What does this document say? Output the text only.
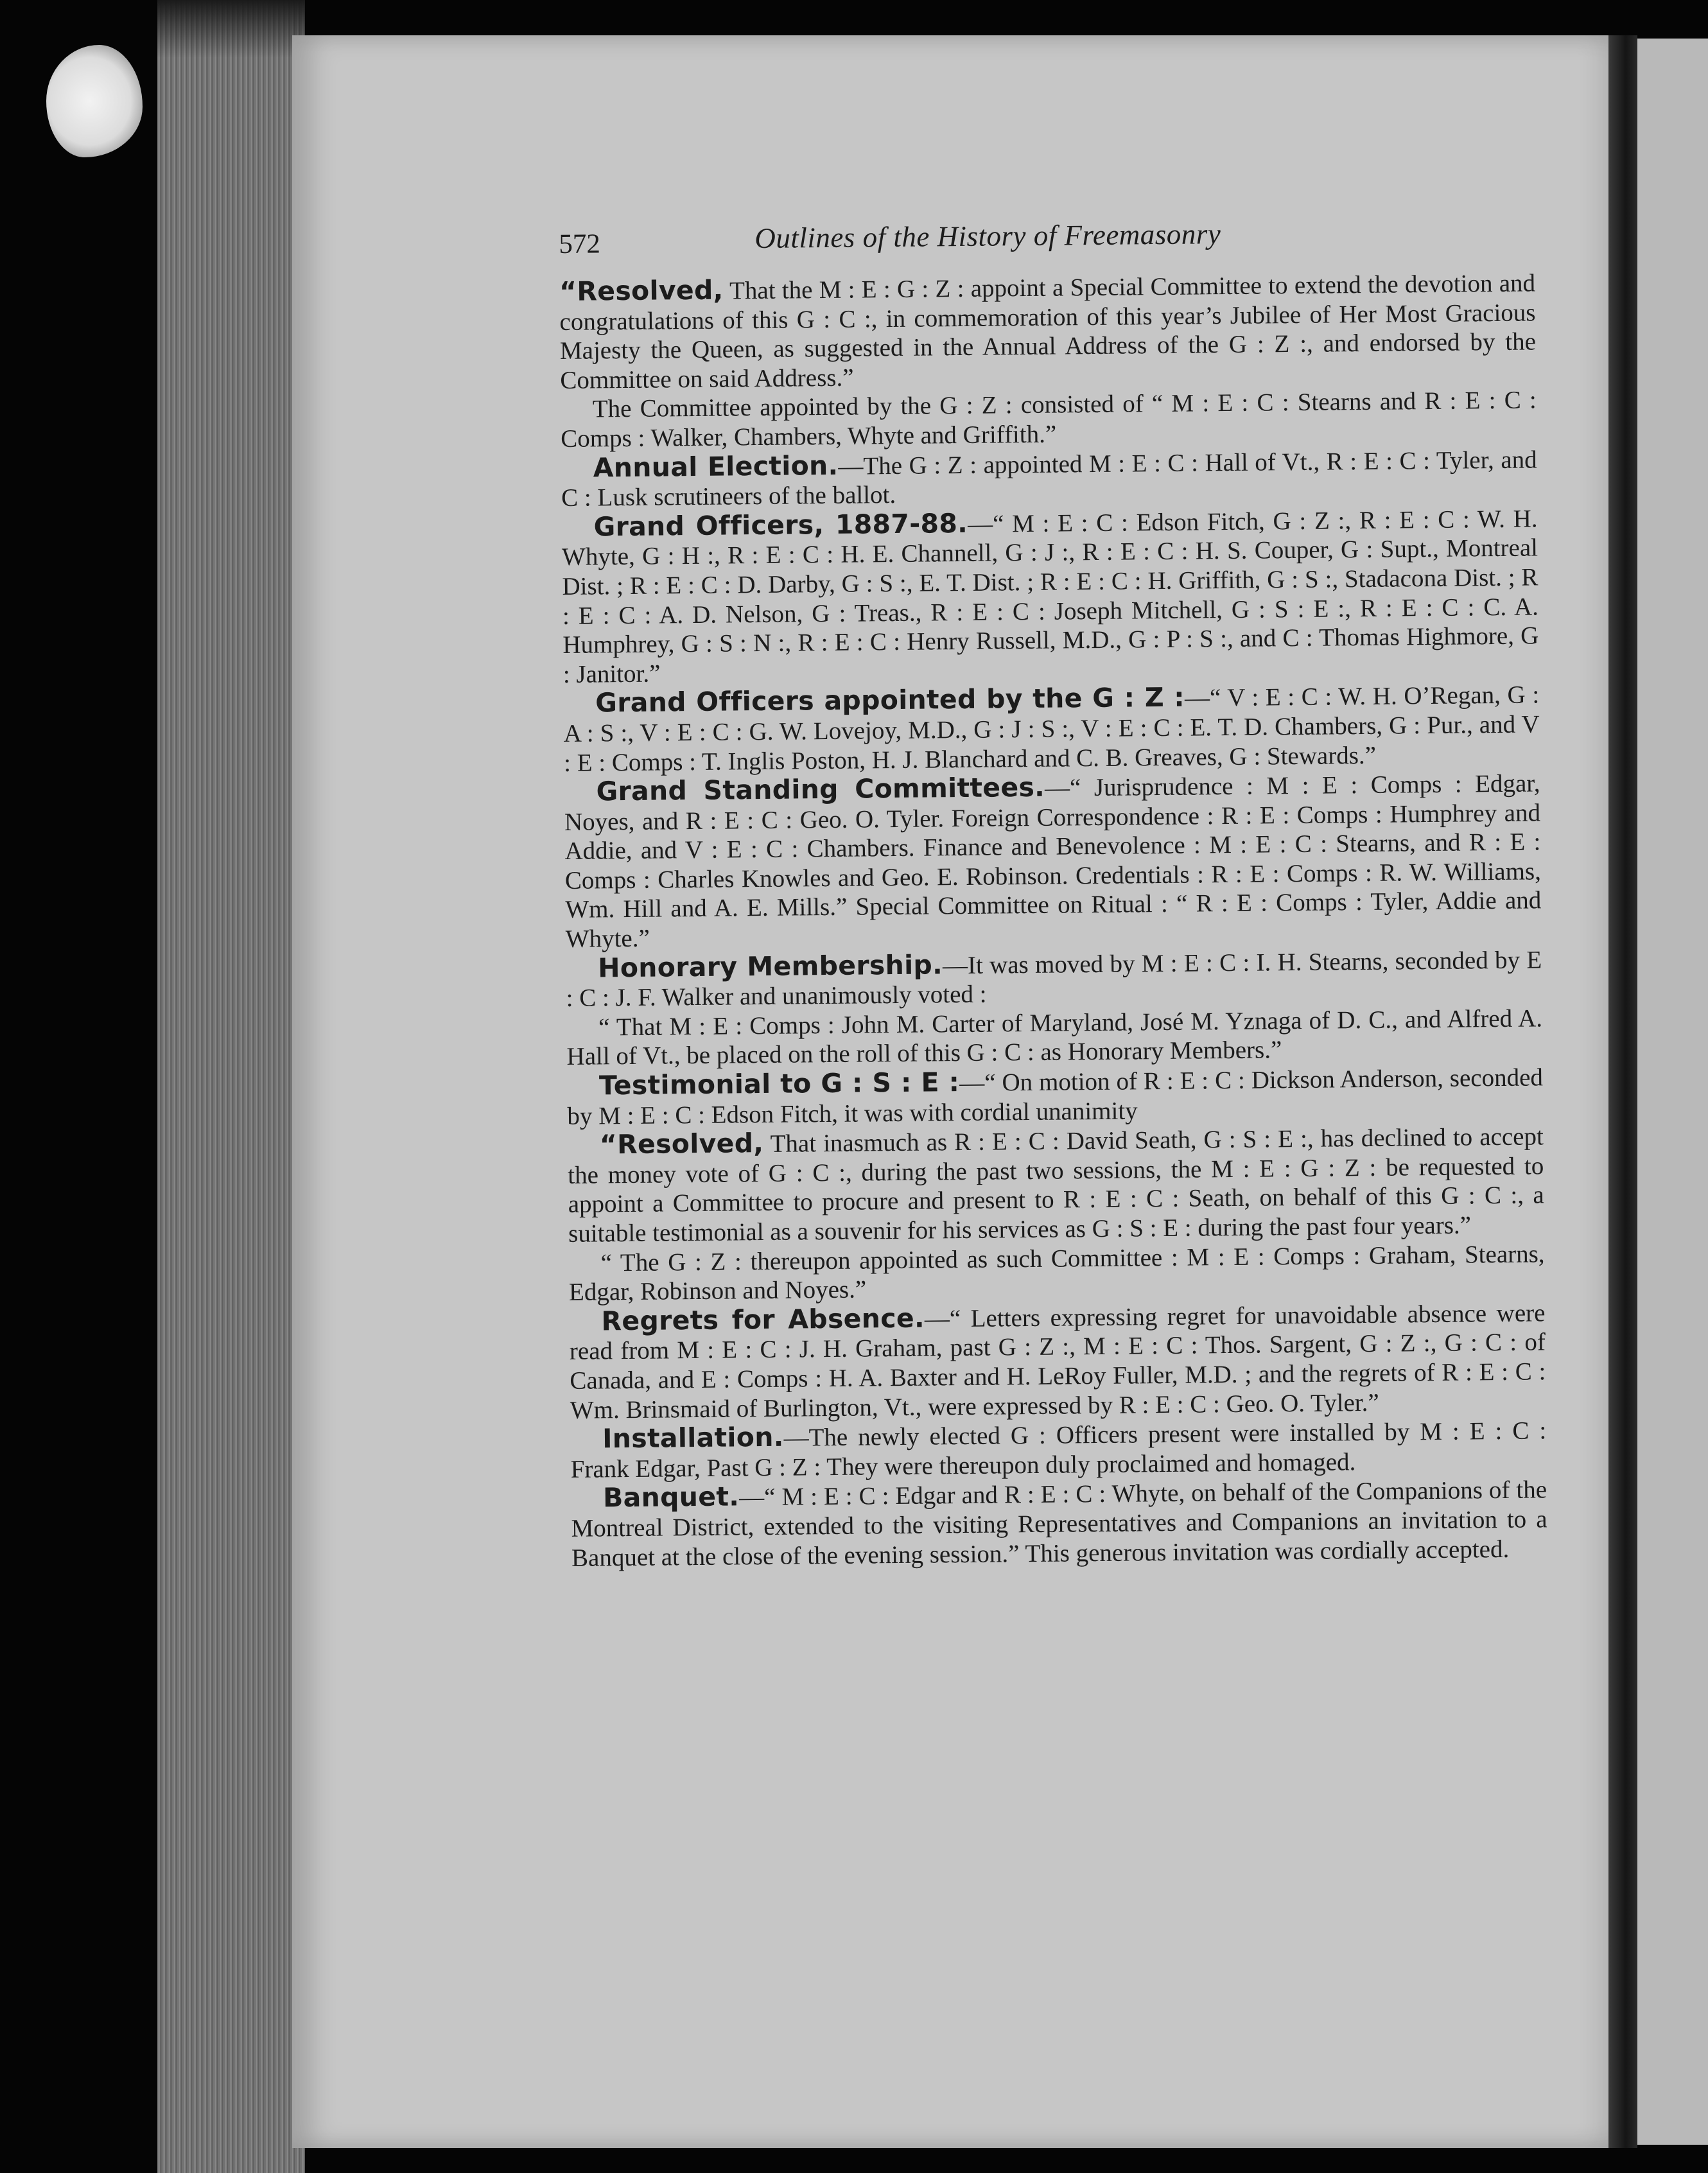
572	Outlines of the History of Freemasonry

“Resolved, That the M : E : G : Z : appoint a Special Committee to extend the devotion and congratulations of this G : C :, in commemoration of this year’s Jubilee of Her Most Gracious Majesty the Queen, as suggested in the Annual Address of the G : Z :, and endorsed by the Committee on said Address.”

The Committee appointed by the G : Z : consisted of “ M : E : C : Stearns and R : E : C : Comps : Walker, Chambers, Whyte and Griffith.”

Annual Election.—The G : Z : appointed M : E : C : Hall of Vt., R : E : C : Tyler, and C : Lusk scrutineers of the ballot.

Grand Officers, 1887-88.—“ M : E : C : Edson Fitch, G : Z :, R : E : C : W. H. Whyte, G : H :, R : E : C : H. E. Channell, G : J :, R : E : C : H. S. Couper, G : Supt., Montreal Dist. ; R : E : C : D. Darby, G : S :, E. T. Dist. ; R : E : C : H. Griffith, G : S :, Stadacona Dist. ; R : E : C : A. D. Nelson, G : Treas., R : E : C : Joseph Mitchell, G : S : E :, R : E : C : C. A. Humphrey, G : S : N :, R : E : C : Henry Russell, M.D., G : P : S :, and C : Thomas Highmore, G : Janitor.”

Grand Officers appointed by the G : Z :—“ V : E : C : W. H. O’Regan, G : A : S :, V : E : C : G. W. Lovejoy, M.D., G : J : S :, V : E : C : E. T. D. Chambers, G : Pur., and V : E : Comps : T. Inglis Poston, H. J. Blanchard and C. B. Greaves, G : Stewards.”

Grand Standing Committees.—“ Jurisprudence : M : E : Comps : Edgar, Noyes, and R : E : C : Geo. O. Tyler. Foreign Correspondence : R : E : Comps : Humphrey and Addie, and V : E : C : Chambers. Finance and Benevolence : M : E : C : Stearns, and R : E : Comps : Charles Knowles and Geo. E. Robinson. Credentials : R : E : Comps : R. W. Williams, Wm. Hill and A. E. Mills.” Special Committee on Ritual : “ R : E : Comps : Tyler, Addie and Whyte.”

Honorary Membership.—It was moved by M : E : C : I. H. Stearns, seconded by E : C : J. F. Walker and unanimously voted :

“ That M : E : Comps : John M. Carter of Maryland, José M. Yznaga of D. C., and Alfred A. Hall of Vt., be placed on the roll of this G : C : as Honorary Members.”

Testimonial to G : S : E :—“ On motion of R : E : C : Dickson Anderson, seconded by M : E : C : Edson Fitch, it was with cordial unanimity

“Resolved, That inasmuch as R : E : C : David Seath, G : S : E :, has declined to accept the money vote of G : C :, during the past two sessions, the M : E : G : Z : be requested to appoint a Committee to procure and present to R : E : C : Seath, on behalf of this G : C :, a suitable testimonial as a souvenir for his services as G : S : E : during the past four years.”

“ The G : Z : thereupon appointed as such Committee : M : E : Comps : Graham, Stearns, Edgar, Robinson and Noyes.”

Regrets for Absence.—“ Letters expressing regret for unavoidable absence were read from M : E : C : J. H. Graham, past G : Z :, M : E : C : Thos. Sargent, G : Z :, G : C : of Canada, and E : Comps : H. A. Baxter and H. LeRoy Fuller, M.D. ; and the regrets of R : E : C : Wm. Brinsmaid of Burlington, Vt., were expressed by R : E : C : Geo. O. Tyler.”

Installation.—The newly elected G : Officers present were installed by M : E : C : Frank Edgar, Past G : Z : They were thereupon duly proclaimed and homaged.

Banquet.—“ M : E : C : Edgar and R : E : C : Whyte, on behalf of the Companions of the Montreal District, extended to the visiting Representatives and Companions an invitation to a Banquet at the close of the evening session.” This generous invitation was cordially accepted.
